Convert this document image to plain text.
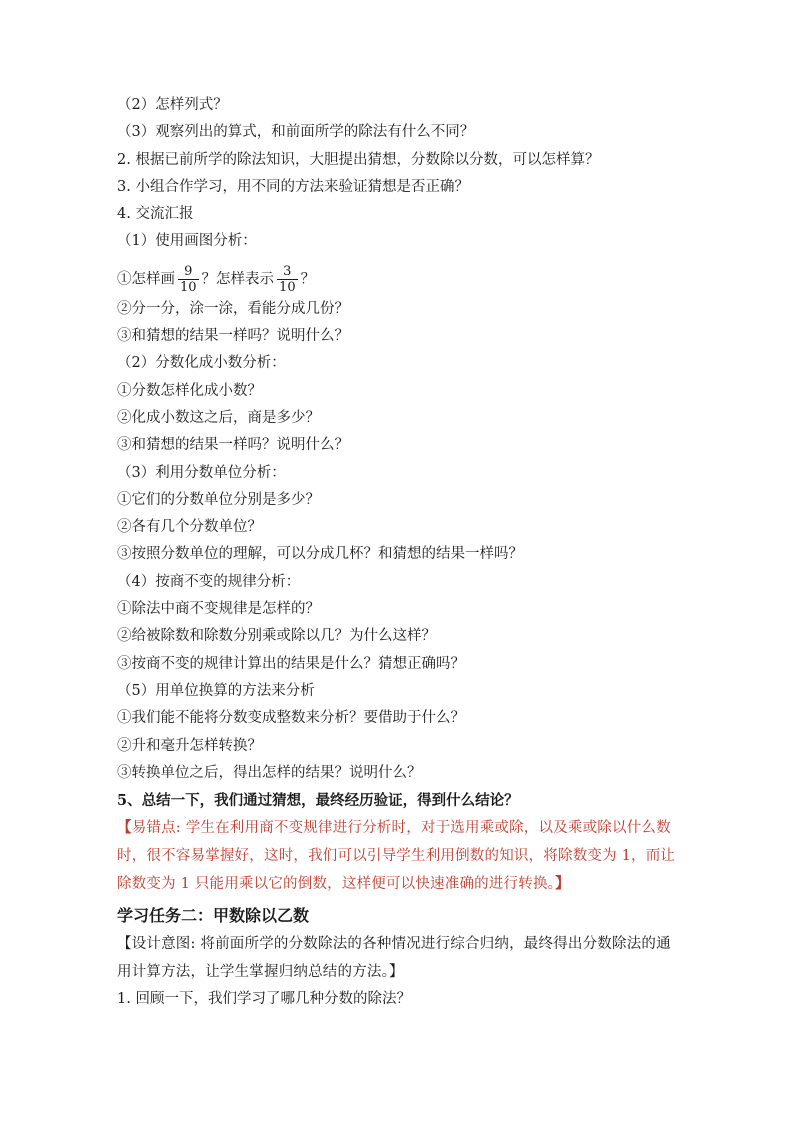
（2）怎样列式？
（3）观察列出的算式，和前面所学的除法有什么不同？
2. 根据已前所学的除法知识，大胆提出猜想，分数除以分数，可以怎样算？
3. 小组合作学习，用不同的方法来验证猜想是否正确？
4. 交流汇报
（1）使用画图分析：
①怎样画 $\frac{9}{10}$ ？怎样表示 $\frac{3}{10}$ ？
②分一分，涂一涂，看能分成几份？
③和猜想的结果一样吗？说明什么？
（2）分数化成小数分析：
①分数怎样化成小数？
②化成小数这之后，商是多少？
③和猜想的结果一样吗？说明什么？
（3）利用分数单位分析：
①它们的分数单位分别是多少？
②各有几个分数单位？
③按照分数单位的理解，可以分成几杯？和猜想的结果一样吗？
（4）按商不变的规律分析：
①除法中商不变规律是怎样的？
②给被除数和除数分别乘或除以几？为什么这样？
③按商不变的规律计算出的结果是什么？猜想正确吗？
（5）用单位换算的方法来分析
①我们能不能将分数变成整数来分析？要借助于什么？
②升和毫升怎样转换？
③转换单位之后，得出怎样的结果？说明什么？
5、总结一下，我们通过猜想，最终经历验证，得到什么结论？
【易错点: 学生在利用商不变规律进行分析时，对于选用乘或除，以及乘或除以什么数时，很不容易掌握好，这时，我们可以引导学生利用倒数的知识，将除数变为 1，而让除数变为 1 只能用乘以它的倒数，这样便可以快速准确的进行转换。】
学习任务二：甲数除以乙数
【设计意图: 将前面所学的分数除法的各种情况进行综合归纳，最终得出分数除法的通用计算方法，让学生掌握归纳总结的方法。】
1. 回顾一下，我们学习了哪几种分数的除法？
